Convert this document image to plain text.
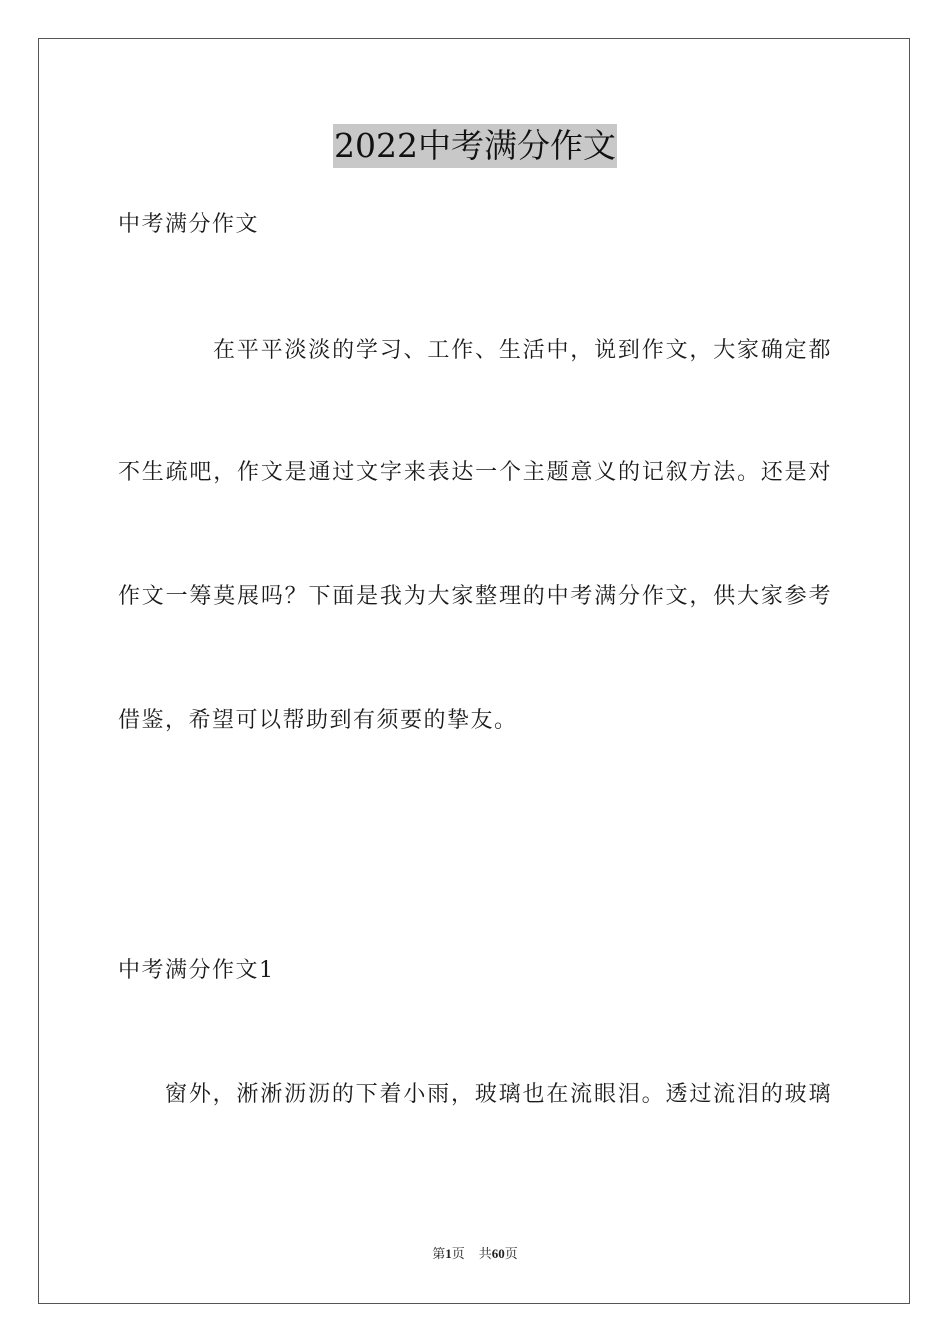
2022中考满分作文
中考满分作文
在平平淡淡的学习、工作、生活中，说到作文，大家确定都
不生疏吧，作文是通过文字来表达一个主题意义的记叙方法。还是对
作文一筹莫展吗？下面是我为大家整理的中考满分作文，供大家参考
借鉴，希望可以帮助到有须要的挚友。
中考满分作文1
窗外，淅淅沥沥的下着小雨，玻璃也在流眼泪。透过流泪的玻璃
第1页 共60页
